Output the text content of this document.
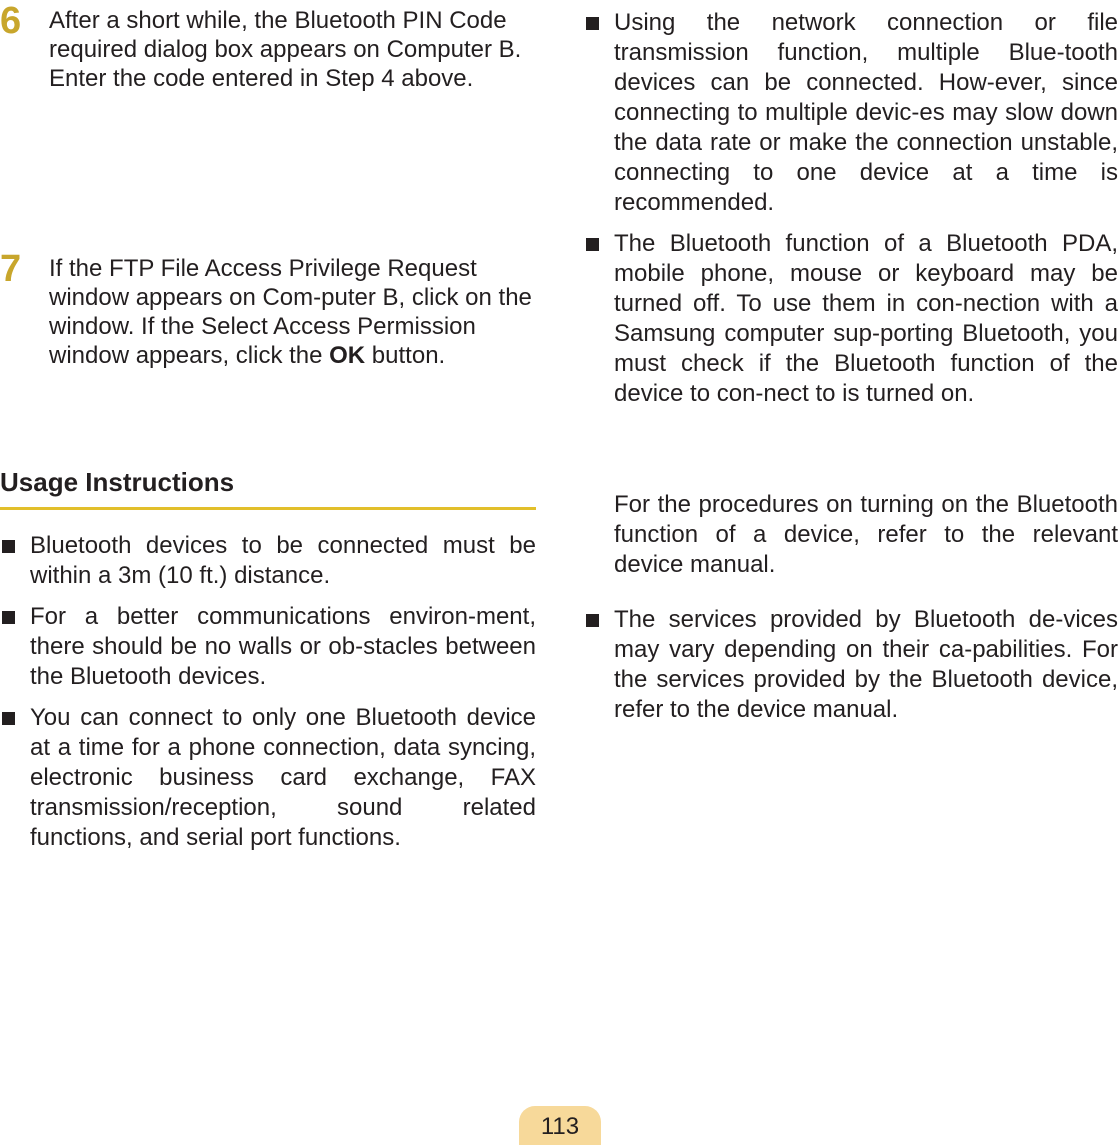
6 After a short while, the Bluetooth PIN Code required dialog box appears on Computer B. Enter the code entered in Step 4 above.
7 If the FTP File Access Privilege Request window appears on Com-puter B, click on the window. If the Select Access Permission window appears, click the OK button.
Usage Instructions
Bluetooth devices to be connected must be within a 3m (10 ft.) distance.
For a better communications environ-ment, there should be no walls or ob-stacles between the Bluetooth devices.
You can connect to only one Bluetooth device at a time for a phone connection, data syncing, electronic business card exchange, FAX transmission/reception, sound related functions, and serial port functions.
Using the network connection or file transmission function, multiple Blue-tooth devices can be connected. How-ever, since connecting to multiple devic-es may slow down the data rate or make the connection unstable, connecting to one device at a time is recommended.
The Bluetooth function of a Bluetooth PDA, mobile phone, mouse or keyboard may be turned off. To use them in con-nection with a Samsung computer sup-porting Bluetooth, you must check if the Bluetooth function of the device to con-nect to is turned on.
For the procedures on turning on the Bluetooth function of a device, refer to the relevant device manual.
The services provided by Bluetooth de-vices may vary depending on their ca-pabilities. For the services provided by the Bluetooth device, refer to the device manual.
113
